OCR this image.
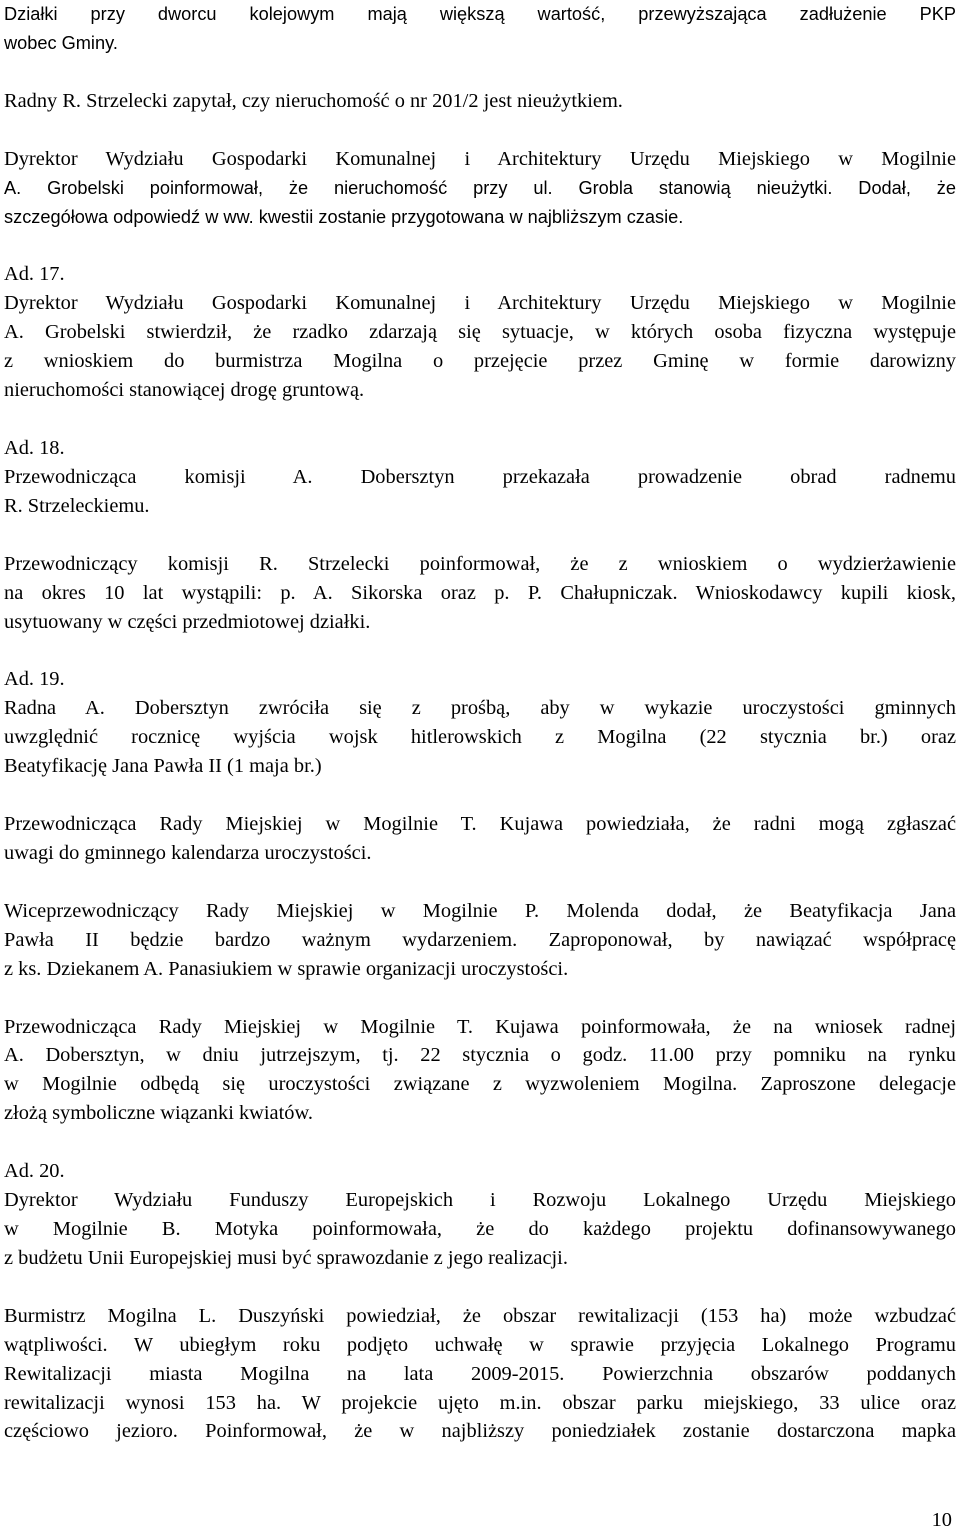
Działki przy dworcu kolejowym mają większą wartość, przewyższająca zadłużenie PKP
wobec Gminy.
Radny R. Strzelecki zapytał, czy nieruchomość o nr 201/2 jest nieużytkiem.
Dyrektor Wydziału Gospodarki Komunalnej i Architektury Urzędu Miejskiego w Mogilnie
A. Grobelski poinformował, że nieruchomość przy ul. Grobla stanowią nieużytki. Dodał, że
szczegółowa odpowiedź w ww. kwestii zostanie przygotowana w najbliższym czasie.
Ad. 17.
Dyrektor Wydziału Gospodarki Komunalnej i Architektury Urzędu Miejskiego w Mogilnie
A. Grobelski stwierdził, że rzadko zdarzają się sytuacje, w których osoba fizyczna występuje
z wnioskiem do burmistrza Mogilna o przejęcie przez Gminę w formie darowizny
nieruchomości stanowiącej drogę gruntową.
Ad. 18.
Przewodnicząca komisji A. Dobersztyn przekazała prowadzenie obrad radnemu
R. Strzeleckiemu.
Przewodniczący komisji R. Strzelecki poinformował, że z wnioskiem o wydzierżawienie
na okres 10 lat wystąpili: p. A. Sikorska oraz p. P. Chałupniczak. Wnioskodawcy kupili kiosk,
usytuowany w części przedmiotowej działki.
Ad. 19.
Radna A. Dobersztyn zwróciła się z prośbą, aby w wykazie uroczystości gminnych
uwzględnić rocznicę wyjścia wojsk hitlerowskich z Mogilna (22 stycznia br.) oraz
Beatyfikację Jana Pawła II (1 maja br.)
Przewodnicząca Rady Miejskiej w Mogilnie T. Kujawa powiedziała, że radni mogą zgłaszać
uwagi do gminnego kalendarza uroczystości.
Wiceprzewodniczący Rady Miejskiej w Mogilnie P. Molenda dodał, że Beatyfikacja Jana
Pawła II będzie bardzo ważnym wydarzeniem. Zaproponował, by nawiązać współpracę
z ks. Dziekanem A. Panasiukiem w sprawie organizacji uroczystości.
Przewodnicząca Rady Miejskiej w Mogilnie T. Kujawa poinformowała, że na wniosek radnej
A. Dobersztyn, w dniu jutrzejszym, tj. 22 stycznia o godz. 11.00 przy pomniku na rynku
w Mogilnie odbędą się uroczystości związane z wyzwoleniem Mogilna. Zaproszone delegacje
złożą symboliczne wiązanki kwiatów.
Ad. 20.
Dyrektor Wydziału Funduszy Europejskich i Rozwoju Lokalnego Urzędu Miejskiego
w Mogilnie B. Motyka poinformowała, że do każdego projektu dofinansowywanego
z budżetu Unii Europejskiej musi być sprawozdanie z jego realizacji.
Burmistrz Mogilna L. Duszyński powiedział, że obszar rewitalizacji (153 ha) może wzbudzać
wątpliwości. W ubiegłym roku podjęto uchwałę w sprawie przyjęcia Lokalnego Programu
Rewitalizacji miasta Mogilna na lata 2009-2015. Powierzchnia obszarów poddanych
rewitalizacji wynosi 153 ha. W projekcie ujęto m.in. obszar parku miejskiego, 33 ulice oraz
częściowo jezioro. Poinformował, że w najbliższy poniedziałek zostanie dostarczona mapka
10
